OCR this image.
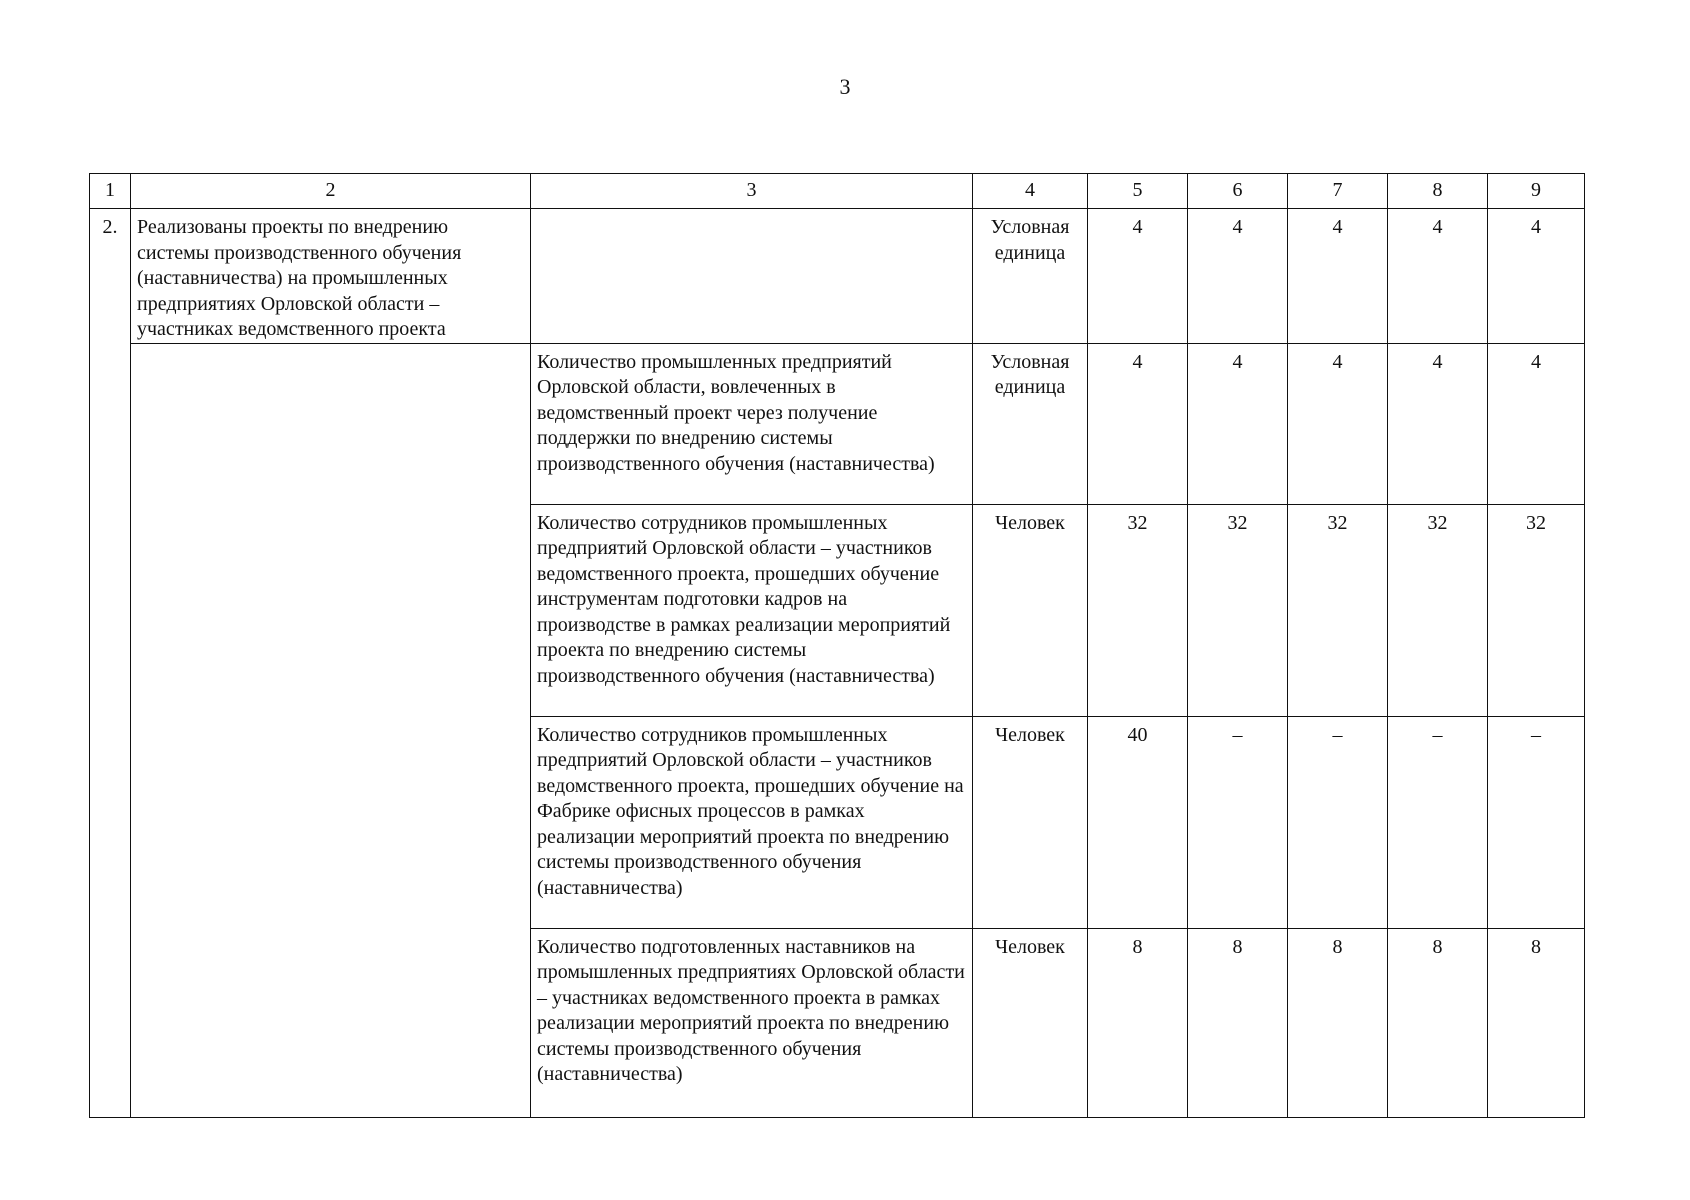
3
1	2	3	4	5	6	7	8	9
2.	Реализованы проекты по внедрению системы производственного обучения (наставничества) на промышленных предприятиях Орловской области – участниках ведомственного проекта		Условная единица	4	4	4	4	4
		Количество промышленных предприятий Орловской области, вовлеченных в ведомственный проект через получение поддержки по внедрению системы производственного обучения (наставничества)	Условная единица	4	4	4	4	4
		Количество сотрудников промышленных предприятий Орловской области – участников ведомственного проекта, прошедших обучение инструментам подготовки кадров на производстве в рамках реализации мероприятий проекта по внедрению системы производственного обучения (наставничества)	Человек	32	32	32	32	32
		Количество сотрудников промышленных предприятий Орловской области – участников ведомственного проекта, прошедших обучение на Фабрике офисных процессов в рамках реализации мероприятий проекта по внедрению системы производственного обучения (наставничества)	Человек	40	–	–	–	–
		Количество подготовленных наставников на промышленных предприятиях Орловской области – участниках ведомственного проекта в рамках реализации мероприятий проекта по внедрению системы производственного обучения (наставничества)	Человек	8	8	8	8	8
